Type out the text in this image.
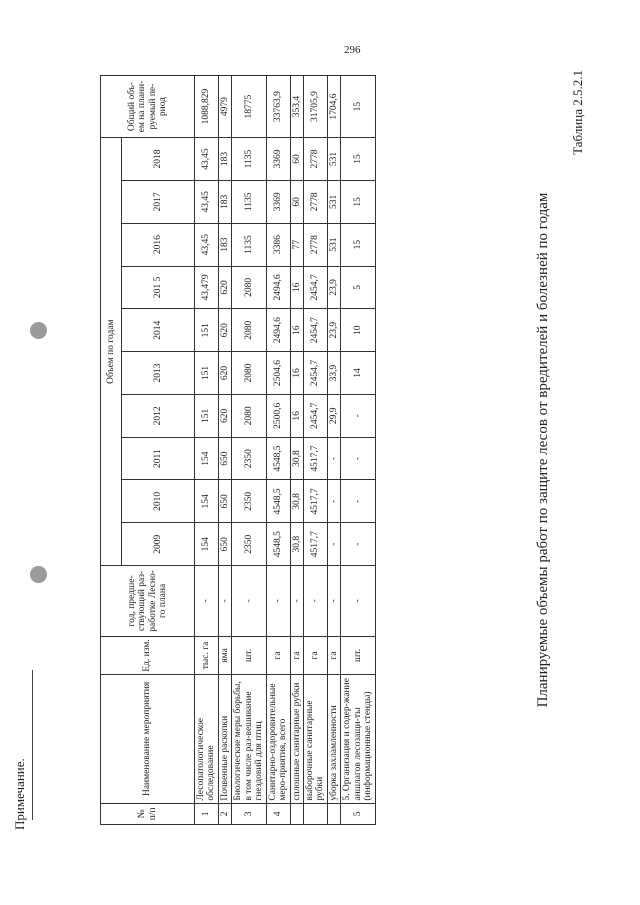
296
Таблица 2.5.2.1
Планируемые объемы работ по защите лесов от вредителей и болезней по годам
Примечание.	№ п/п	Наименование мероприятия	Ед. изм.	год, предше-ствующий раз-работке Лесно-го плана	Объем по годам										Общий объ-ем на плани-руемый пе-риод
				2009	2010	2011	2012	2013	2014	201 5	2016	2017	2018	
1	Лесопатологическое обследование	тыс. га	-	154	154	154	151	151	151	43,479	43,45	43,45	43,45	1088,829
2	Почвенные раскопки	яма	-	650	650	650	620	620	620	620	183	183	183	4979
3	Биологические меры борьбы, в том числе раз-вешивание гнездовий для птиц	шт.	-	2350	2350	2350	2080	2080	2080	2080	1135	1135	1135	18775
4	Санитарно-оздоровительные меро-приятия, всего	га	-	4548,5	4548,5	4548,5	2500,6	2504,6	2494,6	2494,6	3386	3369	3369	33763,9
	сплошные санитарные рубки	га	-	30,8	30,8	30,8	16	16	16	16	77	60	60	353,4
	выборочные санитарные рубки	га	-	4517,7	4517,7	4517,7	2454,7	2454,7	2454,7	2454,7	2778	2778	2778	31705,9
	уборка захламленности	га	-	-	-	-	29,9	33,9	23,9	23,9	531	531	531	1704,6
5	5. Организация и содер-жание аншлагов лесозащи-ты (информационные стенды)	шт.	-	-	-	-	-	14	10	5	15	15	15	15
